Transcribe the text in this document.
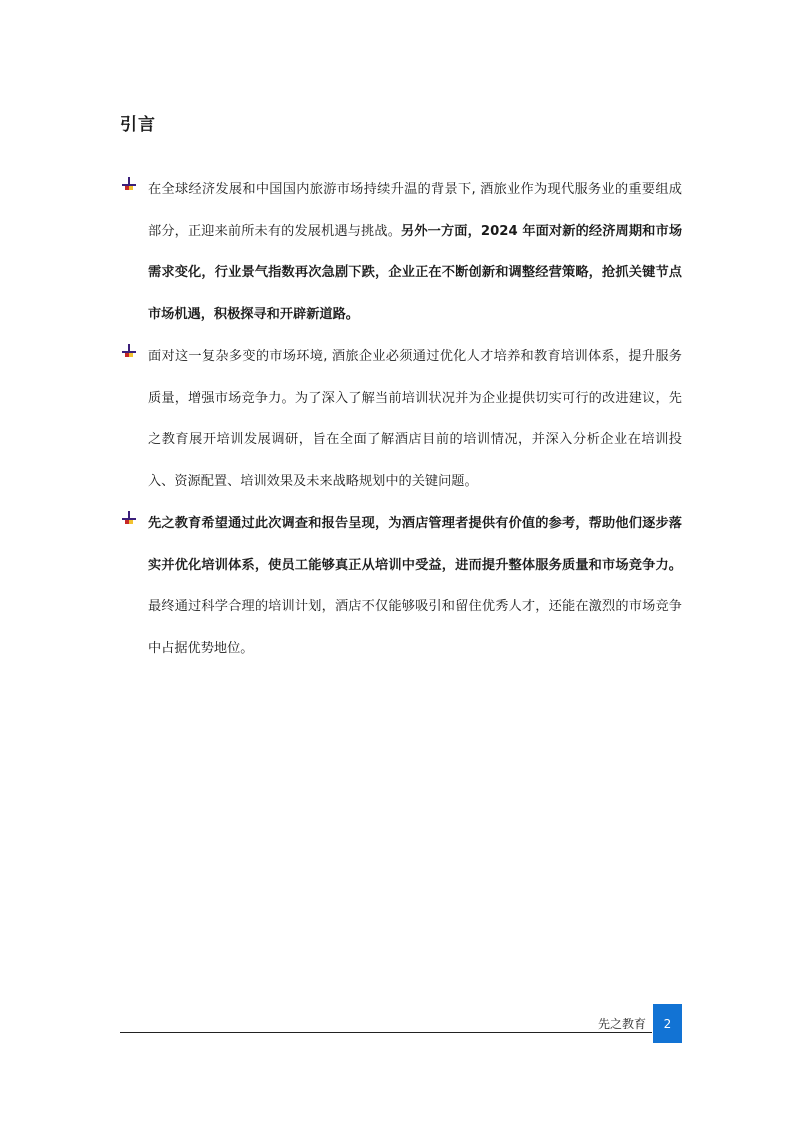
引言

在全球经济发展和中国国内旅游市场持续升温的背景下, 酒旅业作为现代服务业的重要组成部分，正迎来前所未有的发展机遇与挑战。另外一方面，2024 年面对新的经济周期和市场需求变化，行业景气指数再次急剧下跌，企业正在不断创新和调整经营策略，抢抓关键节点市场机遇，积极探寻和开辟新道路。

面对这一复杂多变的市场环境, 酒旅企业必须通过优化人才培养和教育培训体系，提升服务质量，增强市场竞争力。为了深入了解当前培训状况并为企业提供切实可行的改进建议，先之教育展开培训发展调研，旨在全面了解酒店目前的培训情况，并深入分析企业在培训投入、资源配置、培训效果及未来战略规划中的关键问题。

先之教育希望通过此次调查和报告呈现，为酒店管理者提供有价值的参考，帮助他们逐步落实并优化培训体系，使员工能够真正从培训中受益，进而提升整体服务质量和市场竞争力。最终通过科学合理的培训计划，酒店不仅能够吸引和留住优秀人才，还能在激烈的市场竞争中占据优势地位。

先之教育 2
